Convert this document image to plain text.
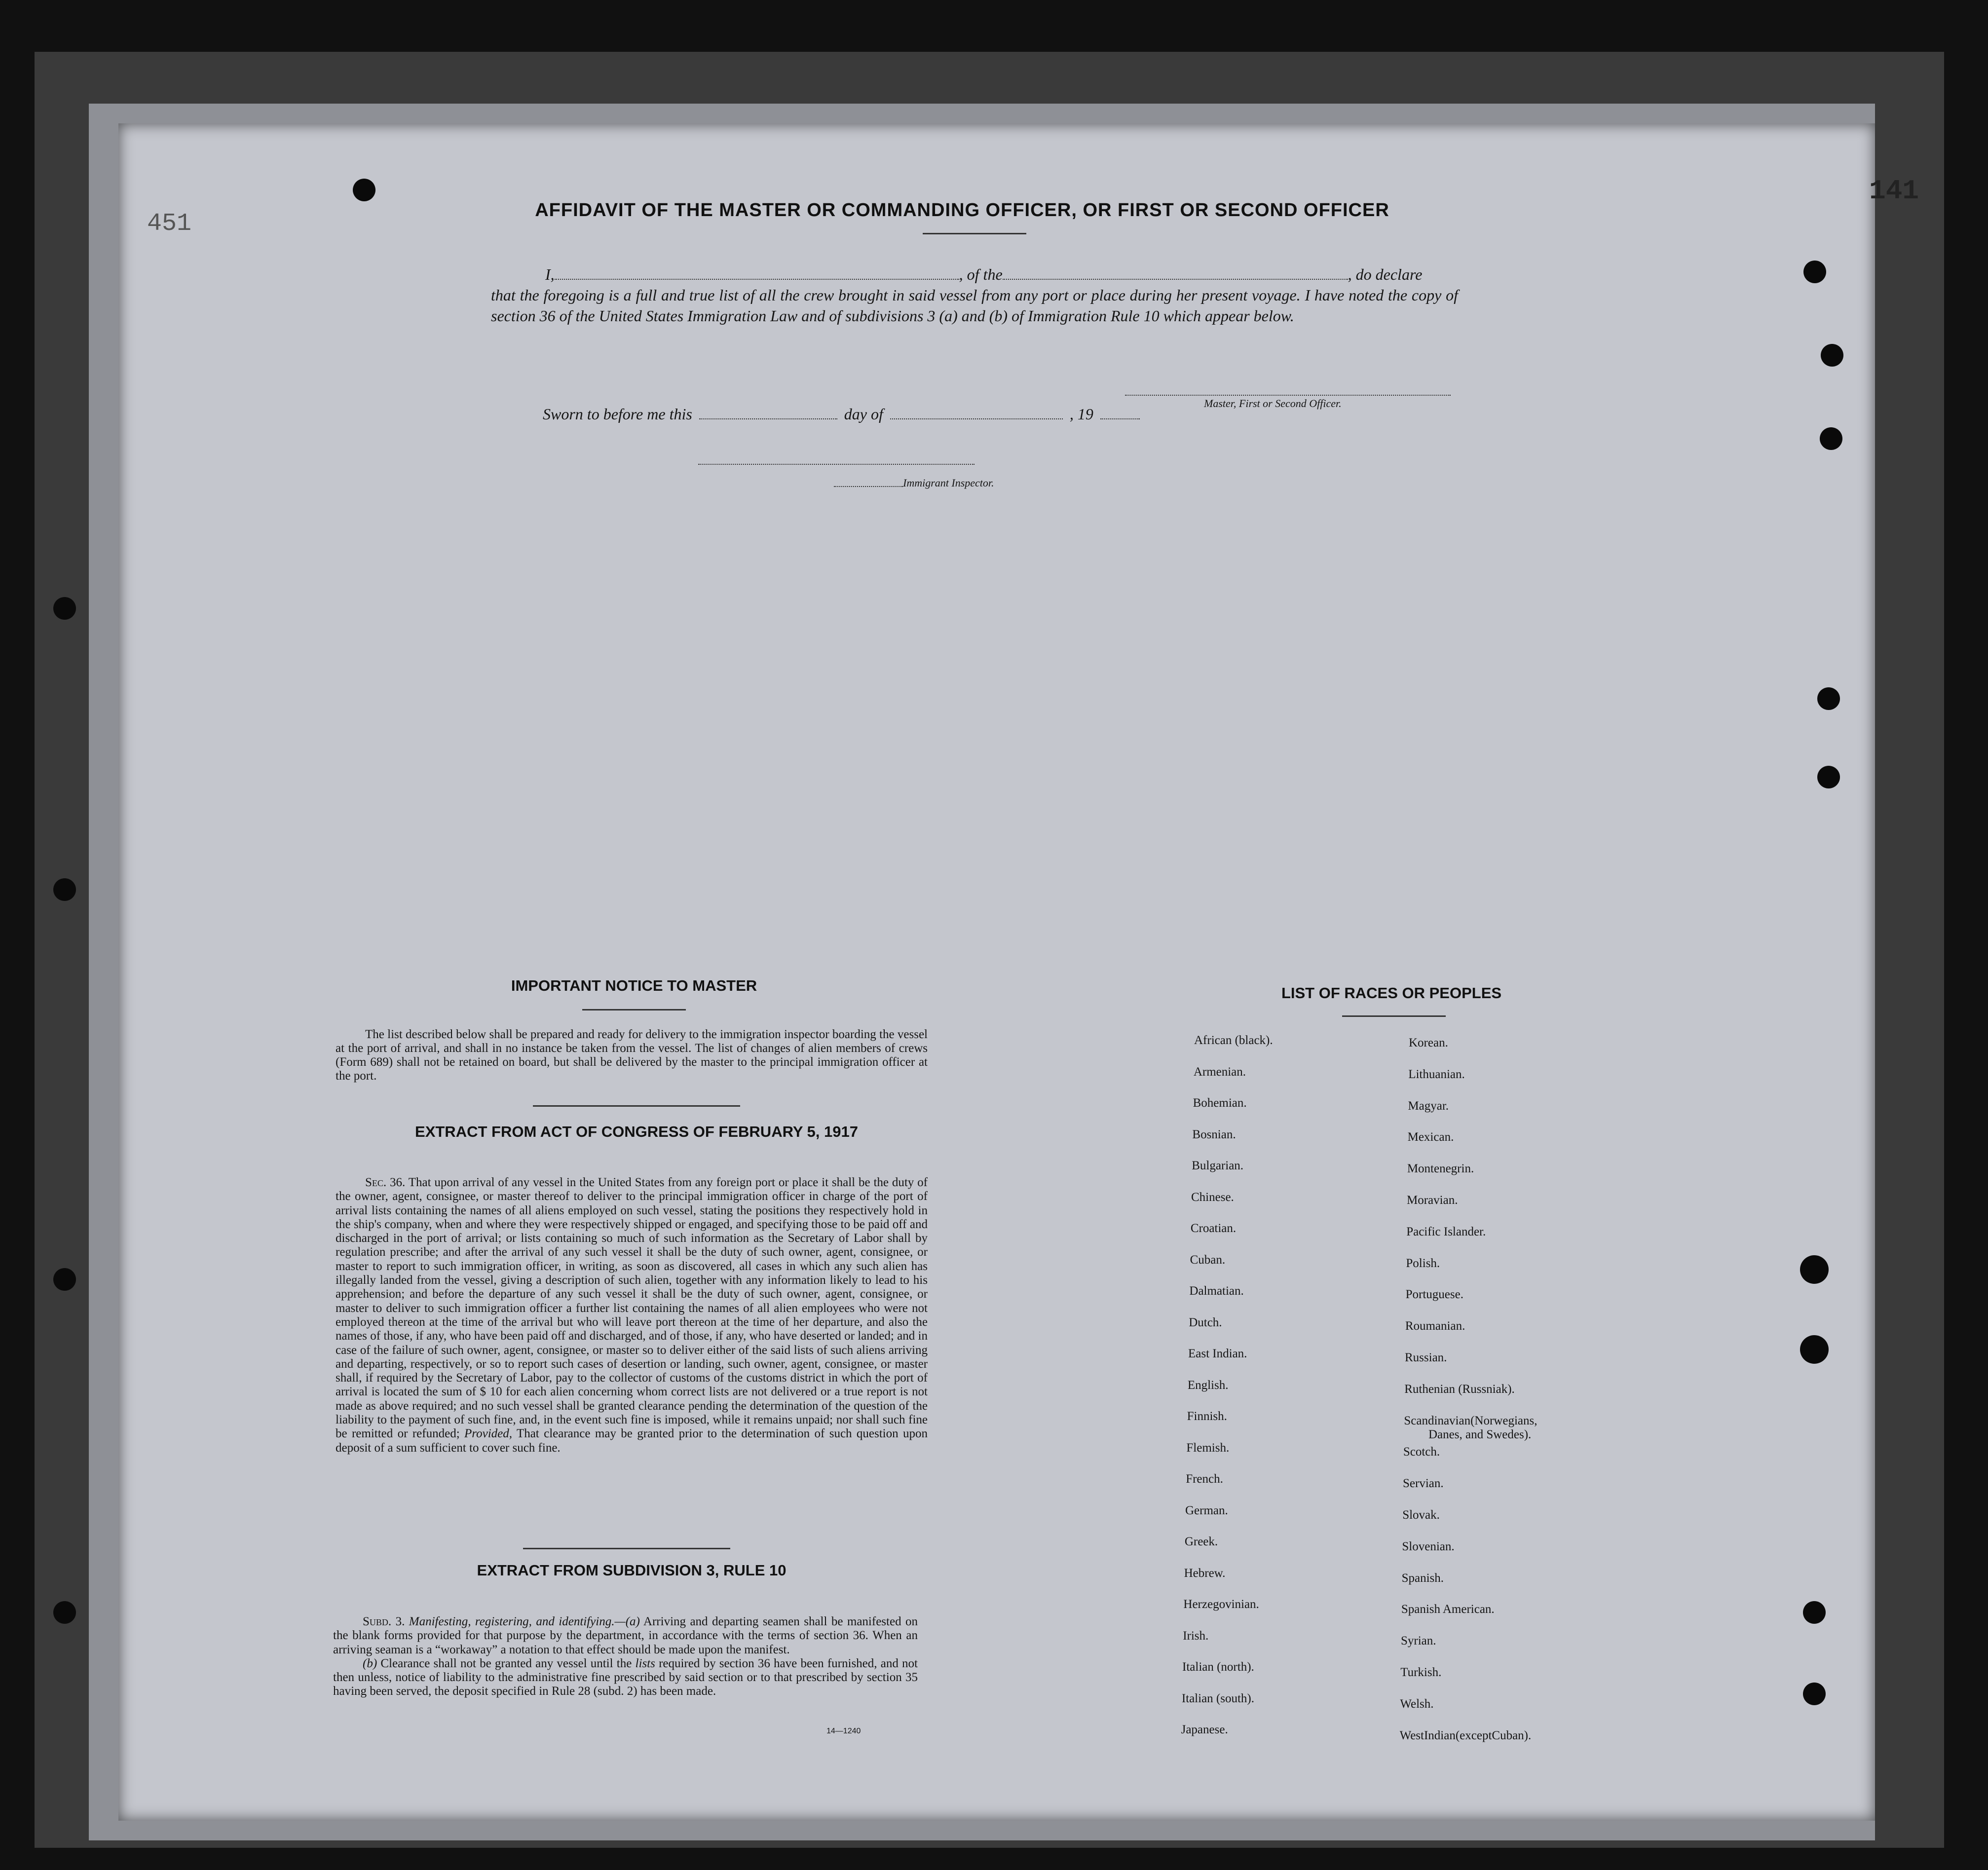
141
451	AFFIDAVIT OF THE MASTER OR COMMANDING OFFICER, OR FIRST OR SECOND OFFICER
I,	, of the	, do declare

that the foregoing is a full and true list of all the crew brought in said vessel from any port or place during her present voyage. I have noted the copy of section 36 of the United States Immigration Law and of subdivisions 3 (a) and (b) of Immigration Rule 10 which appear below.

Master, First or Second Officer.
Sworn to before me this	day of	, 19
Immigrant Inspector.
IMPORTANT NOTICE TO MASTER

The list described below shall be prepared and ready for delivery to the immigration inspector boarding the vessel at the port of arrival, and shall in no instance be taken from the vessel. The list of changes of alien members of crews (Form 689) shall not be retained on board, but shall be delivered by the master to the principal immigration officer at the port.

EXTRACT FROM ACT OF CONGRESS OF FEBRUARY 5, 1917

Sec. 36. That upon arrival of any vessel in the United States from any foreign port or place it shall be the duty of the owner, agent, consignee, or master thereof to deliver to the principal immigration officer in charge of the port of arrival lists containing the names of all aliens employed on such vessel, stating the positions they respectively hold in the ship's company, when and where they were respectively shipped or engaged, and specifying those to be paid off and discharged in the port of arrival; or lists containing so much of such information as the Secretary of Labor shall by regulation prescribe; and after the arrival of any such vessel it shall be the duty of such owner, agent, consignee, or master to report to such immigration officer, in writing, as soon as discovered, all cases in which any such alien has illegally landed from the vessel, giving a description of such alien, together with any information likely to lead to his apprehension; and before the departure of any such vessel it shall be the duty of such owner, agent, consignee, or master to deliver to such immigration officer a further list containing the names of all alien employees who were not employed thereon at the time of the arrival but who will leave port thereon at the time of her departure, and also the names of those, if any, who have been paid off and discharged, and of those, if any, who have deserted or landed; and in case of the failure of such owner, agent, consignee, or master so to deliver either of the said lists of such aliens arriving and departing, respectively, or so to report such cases of desertion or landing, such owner, agent, consignee, or master shall, if required by the Secretary of Labor, pay to the collector of customs of the customs district in which the port of arrival is located the sum of $ 10 for each alien concerning whom correct lists are not delivered or a true report is not made as above required; and no such vessel shall be granted clearance pending the determination of the question of the liability to the payment of such fine, and, in the event such fine is imposed, while it remains unpaid; nor shall such fine be remitted or refunded; Provided, That clearance may be granted prior to the determination of such question upon deposit of a sum sufficient to cover such fine.

EXTRACT FROM SUBDIVISION 3, RULE 10

Subd. 3. Manifesting, registering, and identifying.—(a) Arriving and departing seamen shall be manifested on the blank forms provided for that purpose by the department, in accordance with the terms of section 36. When an arriving seaman is a “workaway” a notation to that effect should be made upon the manifest.

(b) Clearance shall not be granted any vessel until the lists required by section 36 have been furnished, and not then unless, notice of liability to the administrative fine prescribed by said section or to that prescribed by section 35 having been served, the deposit specified in Rule 28 (subd. 2) has been made.

14—1240
LIST OF RACES OR PEOPLES
African (black).
Armenian.
Bohemian.
Bosnian.
Bulgarian.
Chinese.
Croatian.
Cuban.
Dalmatian.
Dutch.
East Indian.
English.
Finnish.
Flemish.
French.
German.
Greek.
Hebrew.
Herzegovinian.
Irish.
Italian (north).
Italian (south).
Japanese.
Korean.
Lithuanian.
Magyar.
Mexican.
Montenegrin.
Moravian.
Pacific Islander.
Polish.
Portuguese.
Roumanian.
Russian.
Ruthenian (Russniak).
Scandinavian(Norwegians,
Danes, and Swedes).
Scotch.
Servian.
Slovak.
Slovenian.
Spanish.
Spanish American.
Syrian.
Turkish.
Welsh.
WestIndian(exceptCuban).
